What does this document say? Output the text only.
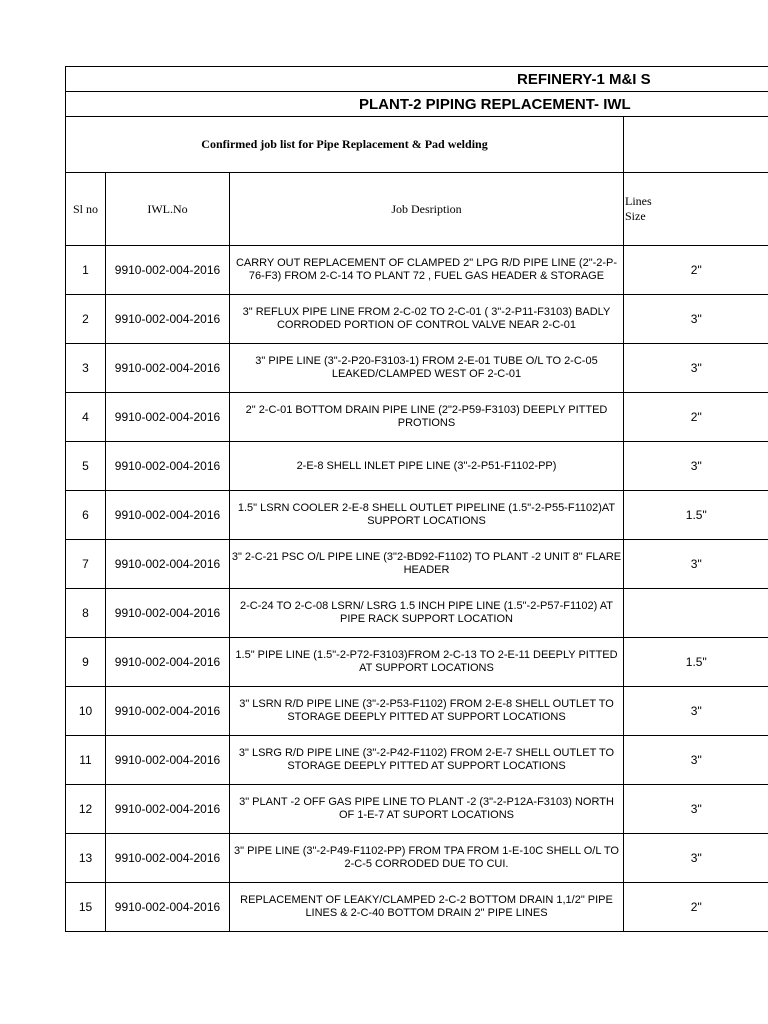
REFINERY-1 M&I S			
PLANT-2 PIPING REPLACEMENT- IWL			
Confirmed job list for Pipe Replacement & Pad welding			
Sl no	IWL.No	Job Desription	Lines
Size
1	9910-002-004-2016	CARRY OUT REPLACEMENT OF CLAMPED 2" LPG R/D PIPE LINE (2"-2-P-76-F3) FROM 2-C-14 TO PLANT 72 , FUEL GAS HEADER & STORAGE	2"
2	9910-002-004-2016	3" REFLUX PIPE LINE FROM 2-C-02 TO 2-C-01 ( 3"-2-P11-F3103) BADLY CORRODED PORTION OF CONTROL VALVE NEAR 2-C-01	3"
3	9910-002-004-2016	3" PIPE LINE (3"-2-P20-F3103-1) FROM 2-E-01 TUBE O/L TO 2-C-05 LEAKED/CLAMPED WEST OF 2-C-01	3"
4	9910-002-004-2016	2" 2-C-01 BOTTOM DRAIN PIPE LINE (2"2-P59-F3103) DEEPLY PITTED PROTIONS	2"
5	9910-002-004-2016	2-E-8 SHELL INLET PIPE LINE (3"-2-P51-F1102-PP)	3"
6	9910-002-004-2016	1.5" LSRN COOLER 2-E-8 SHELL OUTLET PIPELINE (1.5"-2-P55-F1102)AT SUPPORT LOCATIONS	1.5"
7	9910-002-004-2016	3" 2-C-21 PSC O/L PIPE LINE (3"2-BD92-F1102) TO PLANT -2 UNIT 8" FLARE HEADER	3"
8	9910-002-004-2016	2-C-24 TO 2-C-08 LSRN/ LSRG 1.5 INCH PIPE LINE (1.5"-2-P57-F1102) AT PIPE RACK SUPPORT LOCATION	
9	9910-002-004-2016	1.5" PIPE LINE (1.5"-2-P72-F3103)FROM 2-C-13 TO 2-E-11 DEEPLY PITTED AT SUPPORT LOCATIONS	1.5"
10	9910-002-004-2016	3" LSRN R/D PIPE LINE (3"-2-P53-F1102) FROM 2-E-8 SHELL OUTLET TO STORAGE DEEPLY PITTED AT SUPPORT LOCATIONS	3"
11	9910-002-004-2016	3" LSRG R/D PIPE LINE (3"-2-P42-F1102) FROM 2-E-7 SHELL OUTLET TO STORAGE DEEPLY PITTED AT SUPPORT LOCATIONS	3"
12	9910-002-004-2016	3" PLANT -2 OFF GAS PIPE LINE TO PLANT -2 (3"-2-P12A-F3103) NORTH OF 1-E-7 AT SUPORT LOCATIONS	3"
13	9910-002-004-2016	3" PIPE LINE (3"-2-P49-F1102-PP) FROM TPA FROM 1-E-10C SHELL O/L TO 2-C-5 CORRODED DUE TO CUI.	3"
15	9910-002-004-2016	REPLACEMENT OF LEAKY/CLAMPED 2-C-2 BOTTOM DRAIN 1,1/2" PIPE LINES & 2-C-40 BOTTOM DRAIN 2" PIPE LINES	2"
